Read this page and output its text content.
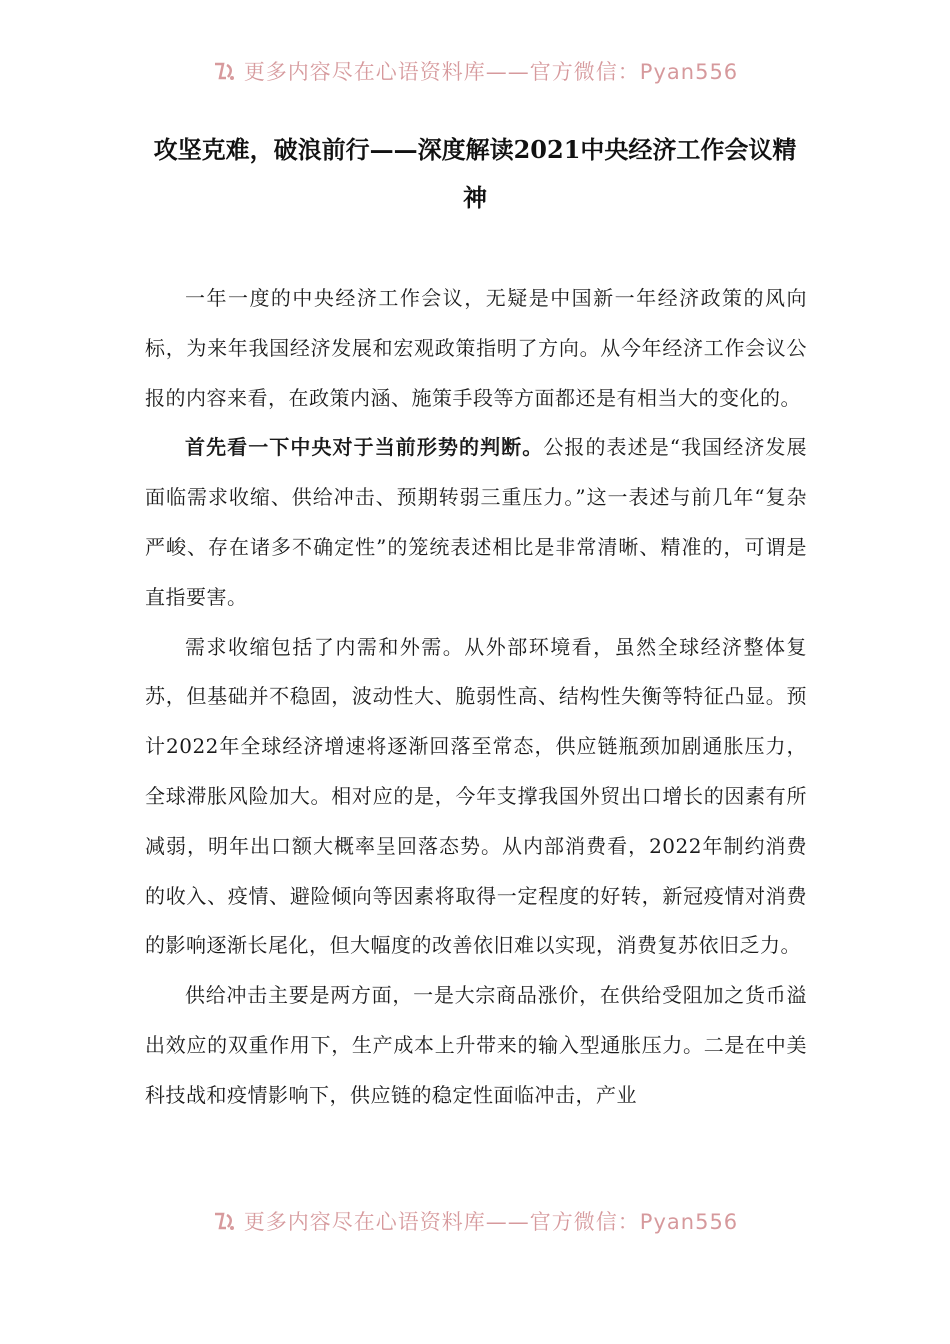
更多内容尽在心语资料库——官方微信：Pyan556
攻坚克难，破浪前行——深度解读2021中央经济工作会议精神

一年一度的中央经济工作会议，无疑是中国新一年经济政策的风向标，为来年我国经济发展和宏观政策指明了方向。从今年经济工作会议公报的内容来看，在政策内涵、施策手段等方面都还是有相当大的变化的。

首先看一下中央对于当前形势的判断。公报的表述是“我国经济发展面临需求收缩、供给冲击、预期转弱三重压力。”这一表述与前几年“复杂严峻、存在诸多不确定性”的笼统表述相比是非常清晰、精准的，可谓是直指要害。

需求收缩包括了内需和外需。从外部环境看，虽然全球经济整体复苏，但基础并不稳固，波动性大、脆弱性高、结构性失衡等特征凸显。预计2022年全球经济增速将逐渐回落至常态，供应链瓶颈加剧通胀压力，全球滞胀风险加大。相对应的是，今年支撑我国外贸出口增长的因素有所减弱，明年出口额大概率呈回落态势。从内部消费看，2022年制约消费的收入、疫情、避险倾向等因素将取得一定程度的好转，新冠疫情对消费的影响逐渐长尾化，但大幅度的改善依旧难以实现，消费复苏依旧乏力。

供给冲击主要是两方面，一是大宗商品涨价，在供给受阻加之货币溢出效应的双重作用下，生产成本上升带来的输入型通胀压力。二是在中美科技战和疫情影响下，供应链的稳定性面临冲击，产业

更多内容尽在心语资料库——官方微信：Pyan556
